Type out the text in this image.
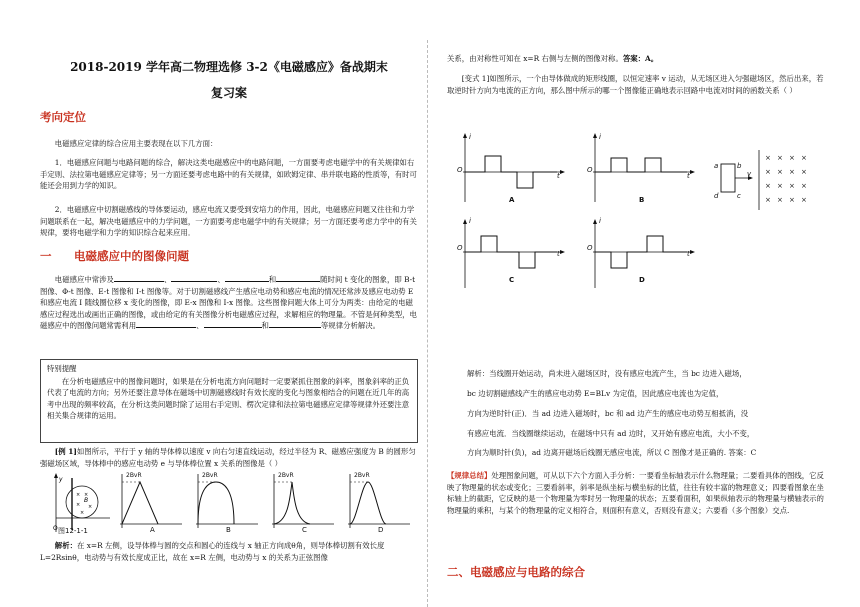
2018-2019 学年高二物理选修 3-2《电磁感应》备战期末
复习案
考向定位
电磁感应定律的综合应用主要表现在以下几方面：
1．电磁感应问题与电路问题的综合，解决这类电磁感应中的电路问题，一方面要考虑电磁学中的有关规律如右手定则、法拉第电磁感应定律等；另一方面还要考虑电路中的有关规律，如欧姆定律、串并联电路的性质等，有时可能还会用到力学的知识。
2．电磁感应中切割磁感线的导体要运动，感应电流又要受到安培力的作用，因此，电磁感应问题又往往和力学问题联系在一起，解决电磁感应中的力学问题，一方面要考虑电磁学中的有关规律；另一方面还要考虑力学中的有关规律，要将电磁学和力学的知识综合起来应用．
一 电磁感应中的图像问题
电磁感应中常涉及	、	、	和	随时间 t 变化的图象，即 B-t 图像、Φ-t 图像、E-t 图像和 I-t 图像等。对于切割磁感线产生感应电动势和感应电流的情况还常涉及感应电动势 E 和感应电流 I 随线圈位移 x 变化的图像，即 E-x 图像和 I-x 图像。这些图像问题大体上可分为两类：由给定的电磁感应过程选出或画出正确的图像，或由给定的有关图像分析电磁感应过程，求解相应的物理量。不管是何种类型，电磁感应中的图像问题常需利用	、	和	等规律分析解决。
特别提醒
在分析电磁感应中的图像问题时，如果是在分析电流方向问题时一定要紧抓住图象的斜率，图象斜率的正负代表了电流的方向；另外还要注意导体在磁场中切割磁感线时有效长度的变化与图象相结合的问题在近几年的高考中出现的频率较高，在分析这类问题时除了运用右手定则、楞次定律和法拉第电磁感应定律等规律外还要注意相关集合规律的运用。
[例 1]如图所示，平行于 y 轴的导体棒以速度 v 向右匀速直线运动，经过半径为 R、磁感应强度为 B 的圆形匀强磁场区域，导体棒中的感应电动势 e 与导体棒位置 x 关系的图像是（ ）
× ×
× ×
×
B
y
O 图12-1-1
2BvR	2BvR	2BvR	2BvR
A	B	C	D
解析：在 x=R 左侧，设导体棒与圆的交点和圆心的连线与 x 轴正方向成θ角，则导体棒切割有效长度 L=2Rsinθ，电动势与有效长度成正比，故在 x=R 左侧，电动势与 x 的关系为正弦图像
关系，由对称性可知在 x=R 右侧与左侧的图像对称。答案：A。
[变式 1]如图所示，一个由导体做成的矩形线圈，以恒定速率 v 运动，从无场区进入匀强磁场区，然后出来，若取逆时针方向为电流的正方向，那么图中所示的哪一个图像能正确地表示回路中电流对时间的函数关系（ ）
× × × ×
× × × ×
× × × ×
× × × ×
i
O
t
A
i
O
t
B
i
O
t
C
i
O
t
D
a	b
d	c
v
解析：当线圈开始运动，尚未进入磁场区时，没有感应电流产生，当 bc 边进入磁场，
bc 边切割磁感线产生的感应电动势 E=BLv 为定值，因此感应电流也为定值，
方向为逆时针(正)．当 ad 边进入磁场时，bc 和 ad 边产生的感应电动势互相抵消，没
有感应电流．当线圈继续运动，在磁场中只有 ad 边时，又开始有感应电流，大小不变，
方向为顺时针(负)，ad 边离开磁场后线圈无感应电流，所以 C 图像才是正确的. 答案：C
【规律总结】处理图象问题，可从以下六个方面入手分析：一要看坐标轴表示什么物理量；二要看具体的图线，它反映了物理量的状态或变化；三要看斜率，斜率是纵坐标与横坐标的比值，往往有较丰富的物理意义；四要看图象在坐标轴上的截距，它反映的是一个物理量为零时另一物理量的状态；五要看面积，如果纵轴表示的物理量与横轴表示的物理量的乘积，与某个的物理量的定义相符合，则面积有意义，否则没有意义；六要看（多个图象）交点.
二、电磁感应与电路的综合
